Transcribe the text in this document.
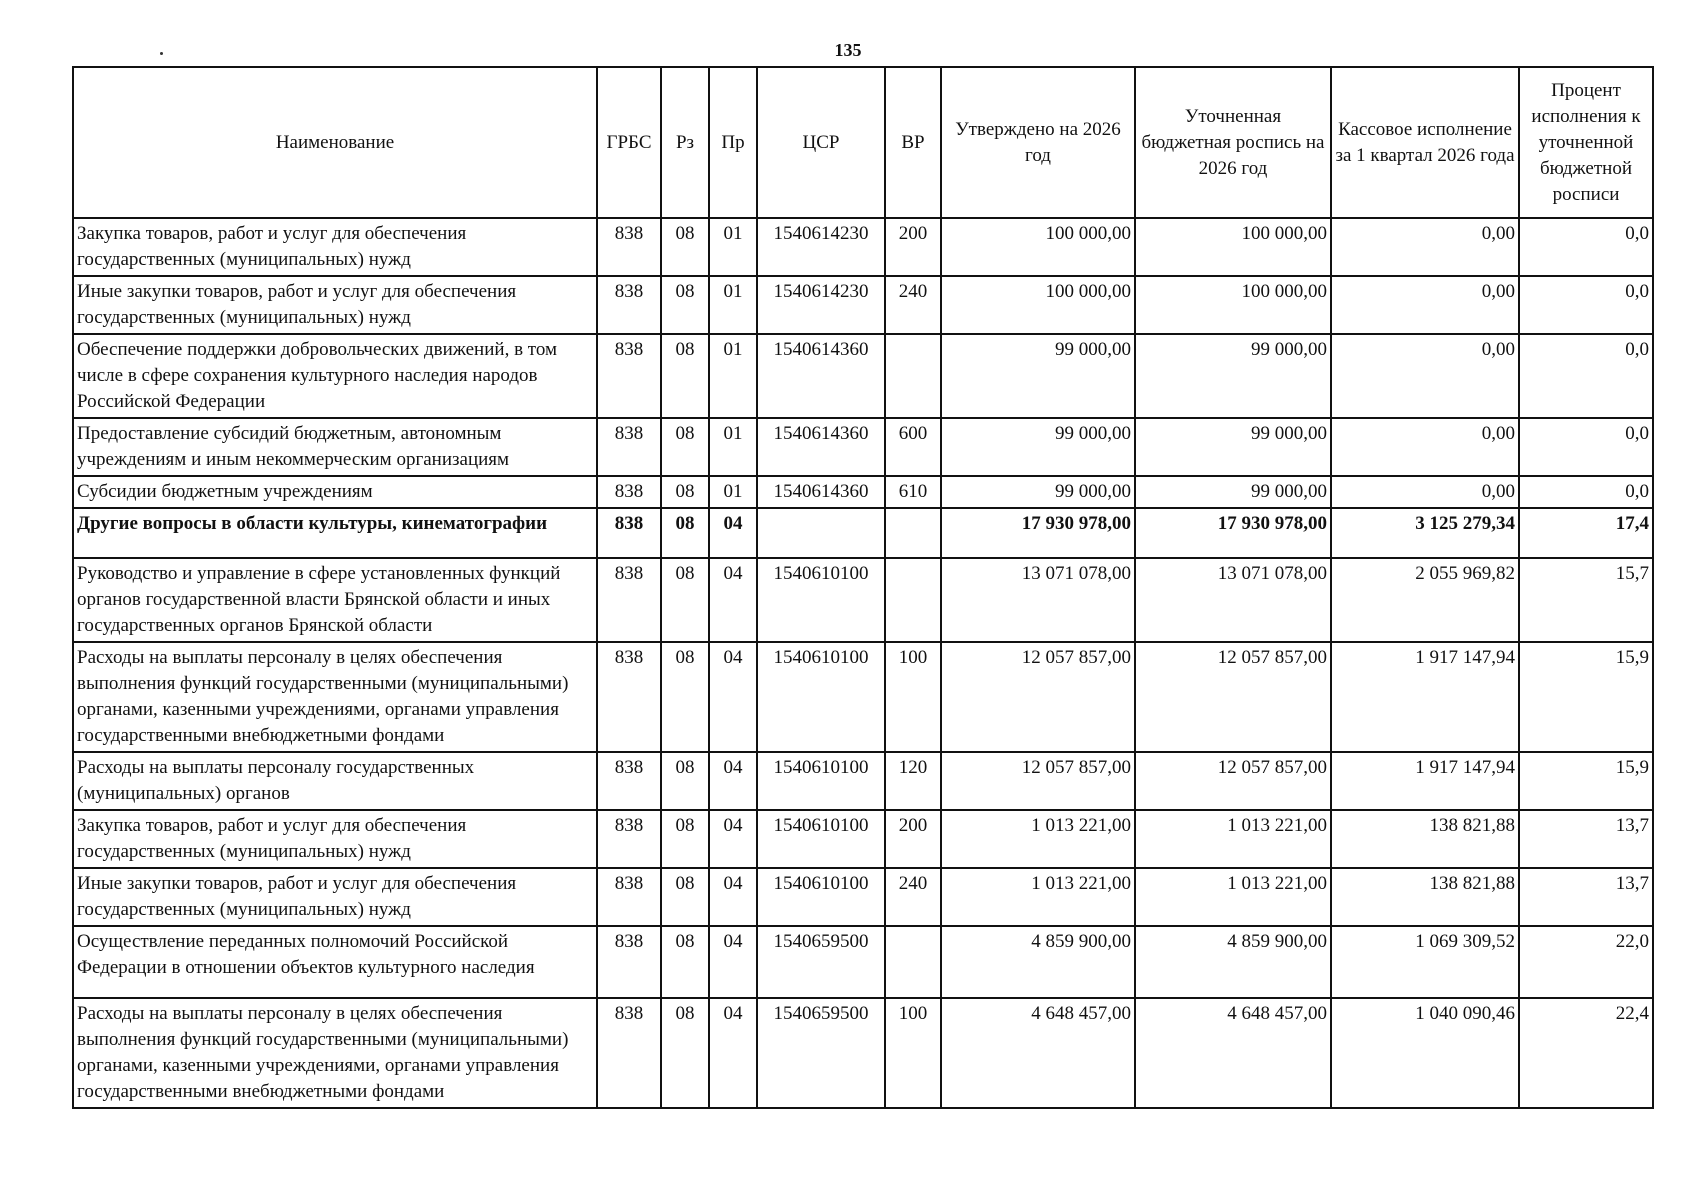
135
Наименование	ГРБС	Рз	Пр	ЦСР	ВР	Утверждено на 2026 год	Уточненная бюджетная роспись на 2026 год	Кассовое исполнение за 1 квартал 2026 года	Процент исполнения к уточненной бюджетной росписи
Закупка товаров, работ и услуг для обеспечения государственных (муниципальных) нужд	838	08	01	1540614230	200	100 000,00	100 000,00	0,00	0,0
Иные закупки товаров, работ и услуг для обеспечения государственных (муниципальных) нужд	838	08	01	1540614230	240	100 000,00	100 000,00	0,00	0,0
Обеспечение поддержки добровольческих движений, в том числе в сфере сохранения культурного наследия народов Российской Федерации	838	08	01	1540614360		99 000,00	99 000,00	0,00	0,0
Предоставление субсидий бюджетным, автономным учреждениям и иным некоммерческим организациям	838	08	01	1540614360	600	99 000,00	99 000,00	0,00	0,0
Субсидии бюджетным учреждениям	838	08	01	1540614360	610	99 000,00	99 000,00	0,00	0,0
Другие вопросы в области культуры, кинематографии	838	08	04			17 930 978,00	17 930 978,00	3 125 279,34	17,4
Руководство и управление в сфере установленных функций органов государственной власти Брянской области и иных государственных органов Брянской области	838	08	04	1540610100		13 071 078,00	13 071 078,00	2 055 969,82	15,7
Расходы на выплаты персоналу в целях обеспечения выполнения функций государственными (муниципальными) органами, казенными учреждениями, органами управления государственными внебюджетными фондами	838	08	04	1540610100	100	12 057 857,00	12 057 857,00	1 917 147,94	15,9
Расходы на выплаты персоналу государственных (муниципальных) органов	838	08	04	1540610100	120	12 057 857,00	12 057 857,00	1 917 147,94	15,9
Закупка товаров, работ и услуг для обеспечения государственных (муниципальных) нужд	838	08	04	1540610100	200	1 013 221,00	1 013 221,00	138 821,88	13,7
Иные закупки товаров, работ и услуг для обеспечения государственных (муниципальных) нужд	838	08	04	1540610100	240	1 013 221,00	1 013 221,00	138 821,88	13,7
Осуществление переданных полномочий Российской Федерации в отношении объектов культурного наследия	838	08	04	1540659500		4 859 900,00	4 859 900,00	1 069 309,52	22,0
Расходы на выплаты персоналу в целях обеспечения выполнения функций государственными (муниципальными) органами, казенными учреждениями, органами управления государственными внебюджетными фондами	838	08	04	1540659500	100	4 648 457,00	4 648 457,00	1 040 090,46	22,4
